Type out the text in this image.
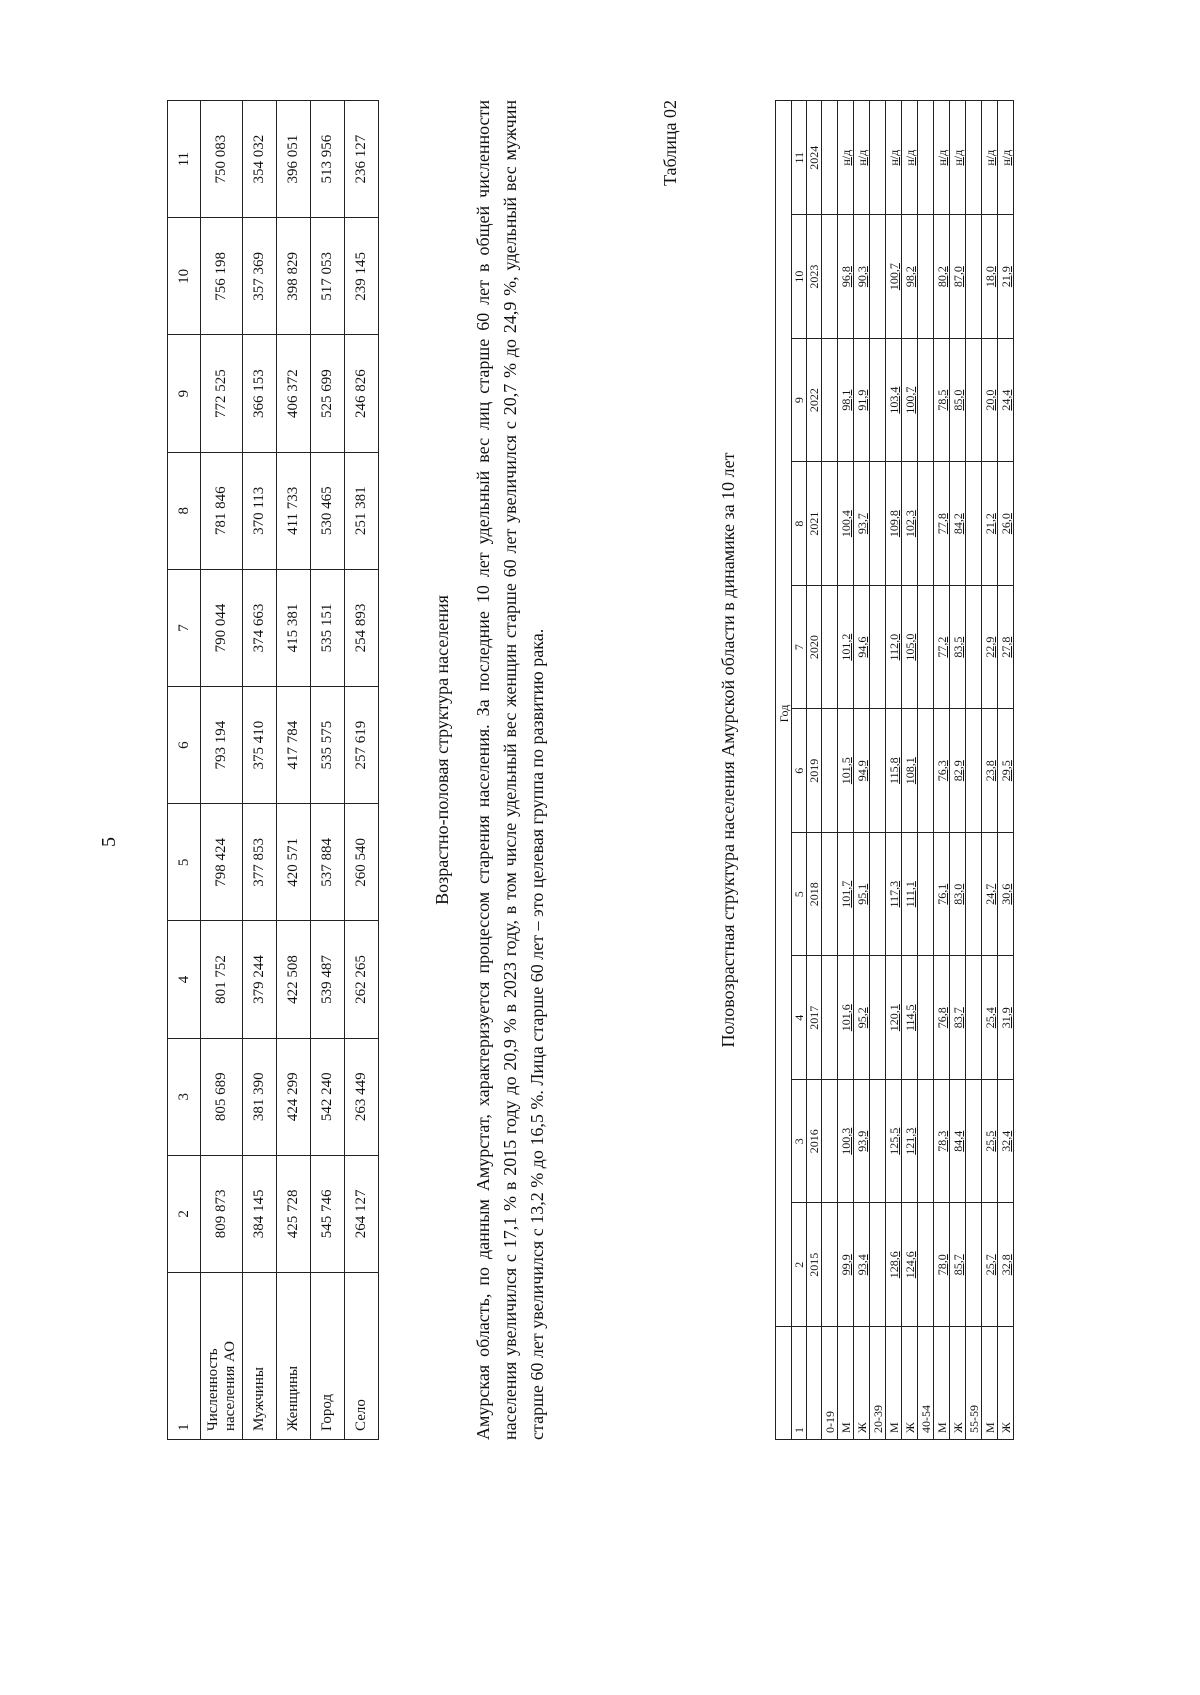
5
1	2	3	4	5	6	7	8	9	10	11
Численность населения АО	809 873	805 689	801 752	798 424	793 194	790 044	781 846	772 525	756 198	750 083
Мужчины	384 145	381 390	379 244	377 853	375 410	374 663	370 113	366 153	357 369	354 032
Женщины	425 728	424 299	422 508	420 571	417 784	415 381	411 733	406 372	398 829	396 051
Город	545 746	542 240	539 487	537 884	535 575	535 151	530 465	525 699	517 053	513 956
Село	264 127	263 449	262 265	260 540	257 619	254 893	251 381	246 826	239 145	236 127
Возрастно-половая структура населения Амурская область, по данным Амурстат, характеризуется процессом старения населения. За последние 10 лет удельный вес лиц старше 60 лет в общей численности населения увеличился с 17,1 % в 2015 году до 20,9 % в 2023 году, в том числе удельный вес женщин старше 60 лет увеличился с 20,7 % до 24,9 %, удельный вес мужчин старше 60 лет увеличился с 13,2 % до 16,5 %. Лица старше 60 лет – это целевая группа по развитию рака.

Таблица 02
Половозрастная структура населения Амурской области в динамике за 10 лет
		Год									
1	2	3	4	5	6	7	8	9	10	11
	2015	2016	2017	2018	2019	2020	2021	2022	2023	2024
0-19										
М	99,9	100,3	101,6	101,7	101,5	101,2	100,4	98,1	96,8	н/д
Ж	93,4	93,9	95,2	95,1	94,9	94,6	93,7	91,9	90,3	н/д
20-39										
М	128,6	125,5	120,1	117,3	115,8	112,0	109,8	103,4	100,7	н/д
Ж	124,6	121,3	114,5	111,1	108,1	105,0	102,3	100,7	98,2	н/д
40-54										
М	78,0	78,3	76,8	76,1	76,3	77,2	77,8	78,5	80,2	н/д
Ж	85,7	84,4	83,7	83,0	82,9	83,5	84,2	85,0	87,0	н/д
55-59										
М	25,7	25,5	25,4	24,7	23,8	22,9	21,2	20,0	18,0	н/д
Ж	32,8	32,4	31,9	30,6	29,5	27,8	26,0	24,4	21,9	н/д
